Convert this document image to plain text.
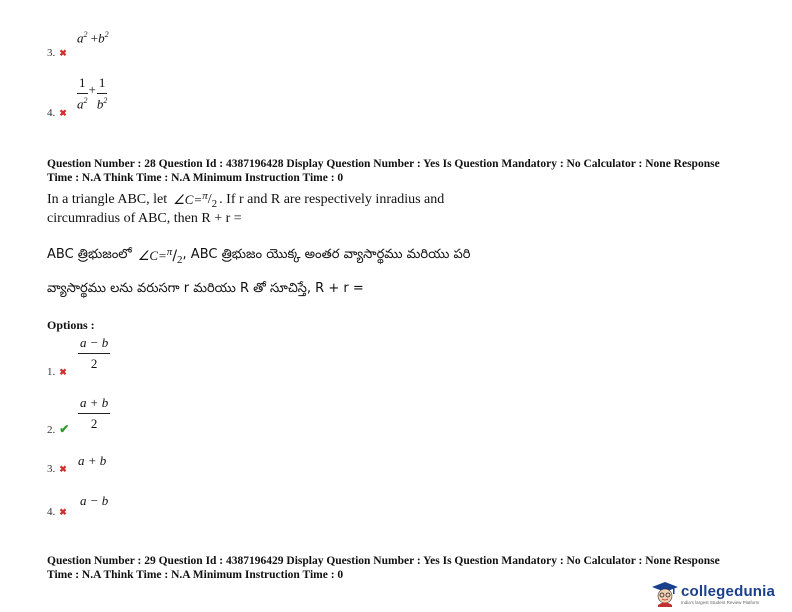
3. ✖
$a^2 +b^2$
4. ✖
$\frac{1}{a^2} + \frac{1}{b^2}$
Question Number : 28 Question Id : 4387196428 Display Question Number : Yes Is Question Mandatory : No Calculator : None Response
Time : N.A Think Time : N.A Minimum Instruction Time : 0
In a triangle ABC, let ∠C= π / 2 . If r and R are respectively inradius and
circumradius of ABC, then R + r =
ABC త్రిభుజంలో ∠C= π / 2 , ABC త్రిభుజం యొక్క అంతర వ్యాసార్థము మరియు పరి
వ్యాసార్థము లను వరుసగా r మరియు R తో సూచిస్తే, R + r =
Options :
1. ✖
$\frac{a - b}{2}$
2. ✔ $\frac{a + b}{2}$
3. ✖
a + b
4. ✖
a − b
Question Number : 29 Question Id : 4387196429 Display Question Number : Yes Is Question Mandatory : No Calculator : None Response
Time : N.A Think Time : N.A Minimum Instruction Time : 0
collegedunia
India's largest Student Review Platform
